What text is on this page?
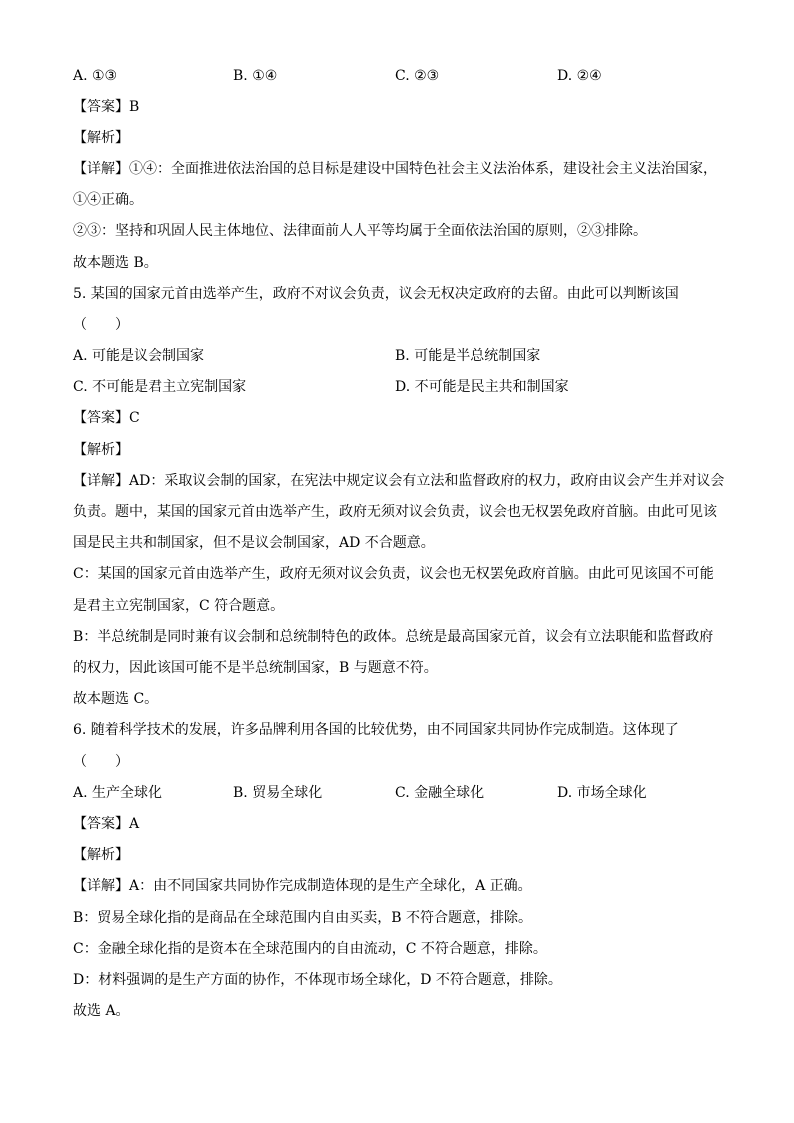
A. ①③	B. ①④	C. ②③	D. ②④
【答案】B
【解析】
【详解】①④：全面推进依法治国的总目标是建设中国特色社会主义法治体系，建设社会主义法治国家，
①④正确。
②③：坚持和巩固人民主体地位、法律面前人人平等均属于全面依法治国的原则，②③排除。
故本题选 B。
5. 某国的国家元首由选举产生，政府不对议会负责，议会无权决定政府的去留。由此可以判断该国
（　　）
A. 可能是议会制国家	B. 可能是半总统制国家
C. 不可能是君主立宪制国家	D. 不可能是民主共和制国家
【答案】C
【解析】
【详解】AD：采取议会制的国家，在宪法中规定议会有立法和监督政府的权力，政府由议会产生并对议会
负责。题中，某国的国家元首由选举产生，政府无须对议会负责，议会也无权罢免政府首脑。由此可见该
国是民主共和制国家，但不是议会制国家，AD 不合题意。
C：某国的国家元首由选举产生，政府无须对议会负责，议会也无权罢免政府首脑。由此可见该国不可能
是君主立宪制国家，C 符合题意。
B：半总统制是同时兼有议会制和总统制特色的政体。总统是最高国家元首，议会有立法职能和监督政府
的权力，因此该国可能不是半总统制国家，B 与题意不符。
故本题选 C。
6. 随着科学技术的发展，许多品牌利用各国的比较优势，由不同国家共同协作完成制造。这体现了
（　　）
A. 生产全球化	B. 贸易全球化	C. 金融全球化	D. 市场全球化
【答案】A
【解析】
【详解】A：由不同国家共同协作完成制造体现的是生产全球化，A 正确。
B：贸易全球化指的是商品在全球范围内自由买卖，B 不符合题意，排除。
C：金融全球化指的是资本在全球范围内的自由流动，C 不符合题意，排除。
D：材料强调的是生产方面的协作，不体现市场全球化，D 不符合题意，排除。
故选 A。
